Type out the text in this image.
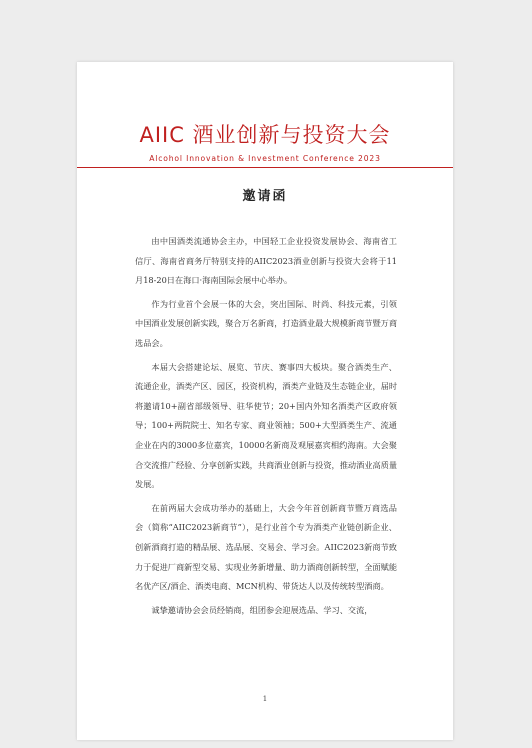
AIIC 酒业创新与投资大会
Alcohol Innovation & Investment Conference 2023
邀请函

由中国酒类流通协会主办，中国轻工企业投资发展协会、海南省工信厅、海南省商务厅特别支持的AIIC2023酒业创新与投资大会将于11月18-20日在海口·海南国际会展中心举办。

作为行业首个会展一体的大会，突出国际、时尚、科技元素，引领中国酒业发展创新实践，聚合万名新商，打造酒业最大规模新商节暨万商选品会。

本届大会搭建论坛、展览、节庆、赛事四大板块。聚合酒类生产、流通企业，酒类产区、园区，投资机构，酒类产业链及生态链企业，届时将邀请10+副省部级领导、驻华使节；20+国内外知名酒类产区政府领导；100+两院院士、知名专家、商业领袖；500+大型酒类生产、流通企业在内的3000多位嘉宾，10000名新商及观展嘉宾相约海南。大会聚合交流推广经验、分享创新实践，共商酒业创新与投资，推动酒业高质量发展。

在前两届大会成功举办的基础上，大会今年首创新商节暨万商选品会（简称“AIIC2023新商节”），是行业首个专为酒类产业链创新企业、创新酒商打造的精品展、选品展、交易会、学习会。AIIC2023新商节致力于促进厂商新型交易、实现业务新增量、助力酒商创新转型，全面赋能名优产区/酒企、酒类电商、MCN机构、带货达人以及传统转型酒商。

诚挚邀请协会会员经销商，组团参会迎展选品、学习、交流，

1
